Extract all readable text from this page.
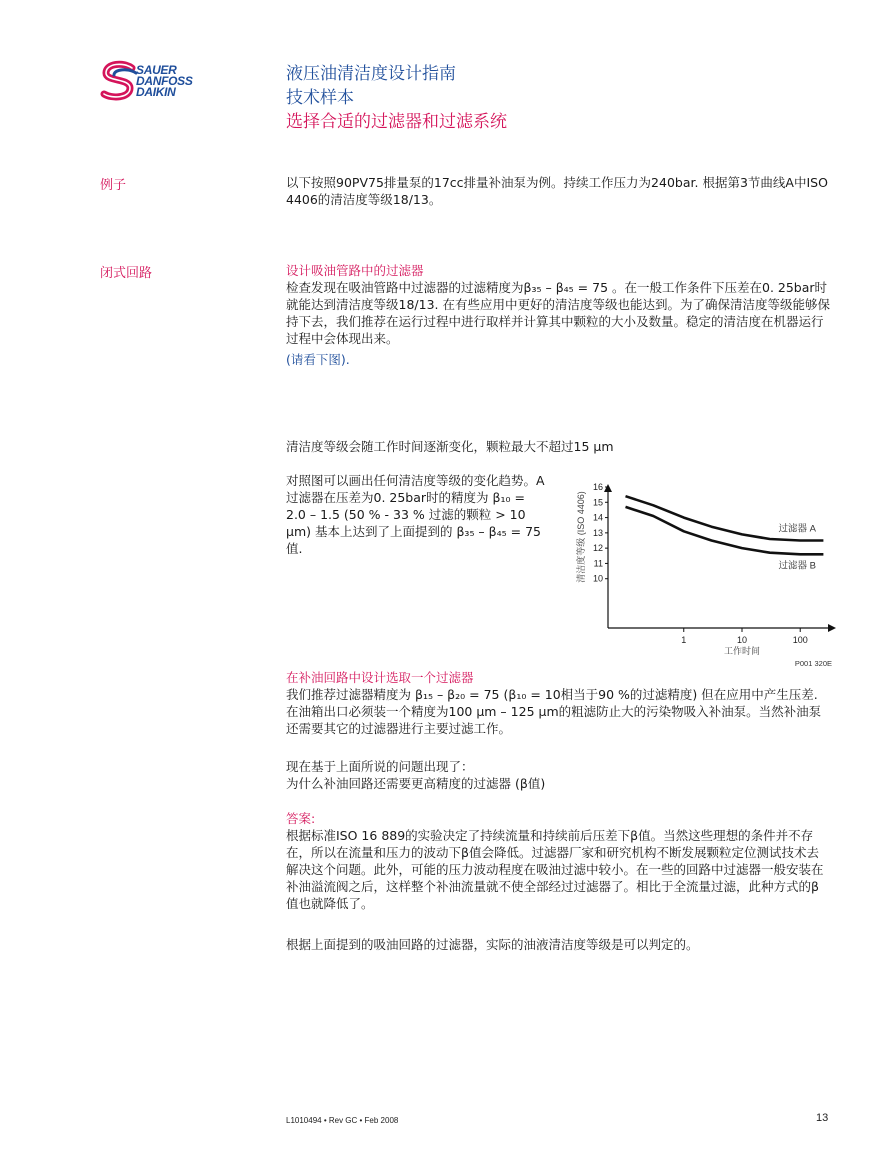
SAUER
DANFOSS
DAIKIN
液压油清洁度设计指南
技术样本
选择合适的过滤器和过滤系统
例子	以下按照90PV75排量泵的17cc排量补油泵为例。持续工作压力为240bar. 根据第3节曲线A中ISO 4406的清洁度等级18/13。
闭式回路	设计吸油管路中的过滤器
检查发现在吸油管路中过滤器的过滤精度为β₃₅ – β₄₅ = 75 。在一般工作条件下压差在0. 25bar时就能达到清洁度等级18/13. 在有些应用中更好的清洁度等级也能达到。为了确保清洁度等级能够保持下去，我们推荐在运行过程中进行取样并计算其中颗粒的大小及数量。稳定的清洁度在机器运行过程中会体现出来。
(请看下图).
清洁度等级会随工作时间逐渐变化，颗粒最大不超过15 μm
对照图可以画出任何清洁度等级的变化趋势。A 过滤器在压差为0. 25bar时的精度为 β₁₀ = 2.0 – 1.5 (50 % - 33 % 过滤的颗粒 > 10 μm) 基本上达到了上面提到的 β₃₅ – β₄₅ = 75 值.
10
11
12
13
14
15
16
1	10	100
过滤器 A
过滤器 B
清洁度等级 (ISO 4406)
工作时间
P001 320E
在补油回路中设计选取一个过滤器
我们推荐过滤器精度为 β₁₅ – β₂₀ = 75 (β₁₀ = 10相当于90 %的过滤精度) 但在应用中产生压差. 在油箱出口必须装一个精度为100 μm – 125 μm的粗滤防止大的污染物吸入补油泵。当然补油泵还需要其它的过滤器进行主要过滤工作。
现在基于上面所说的问题出现了：
为什么补油回路还需要更高精度的过滤器 (β值)
答案:
根据标准ISO 16 889的实验决定了持续流量和持续前后压差下β值。当然这些理想的条件并不存在，所以在流量和压力的波动下β值会降低。过滤器厂家和研究机构不断发展颗粒定位测试技术去解决这个问题。此外，可能的压力波动程度在吸油过滤中较小。在一些的回路中过滤器一般安装在补油溢流阀之后，这样整个补油流量就不使全部经过过滤器了。相比于全流量过滤，此种方式的β值也就降低了。
根据上面提到的吸油回路的过滤器，实际的油液清洁度等级是可以判定的。
L1010494 • Rev GC • Feb 2008	13
